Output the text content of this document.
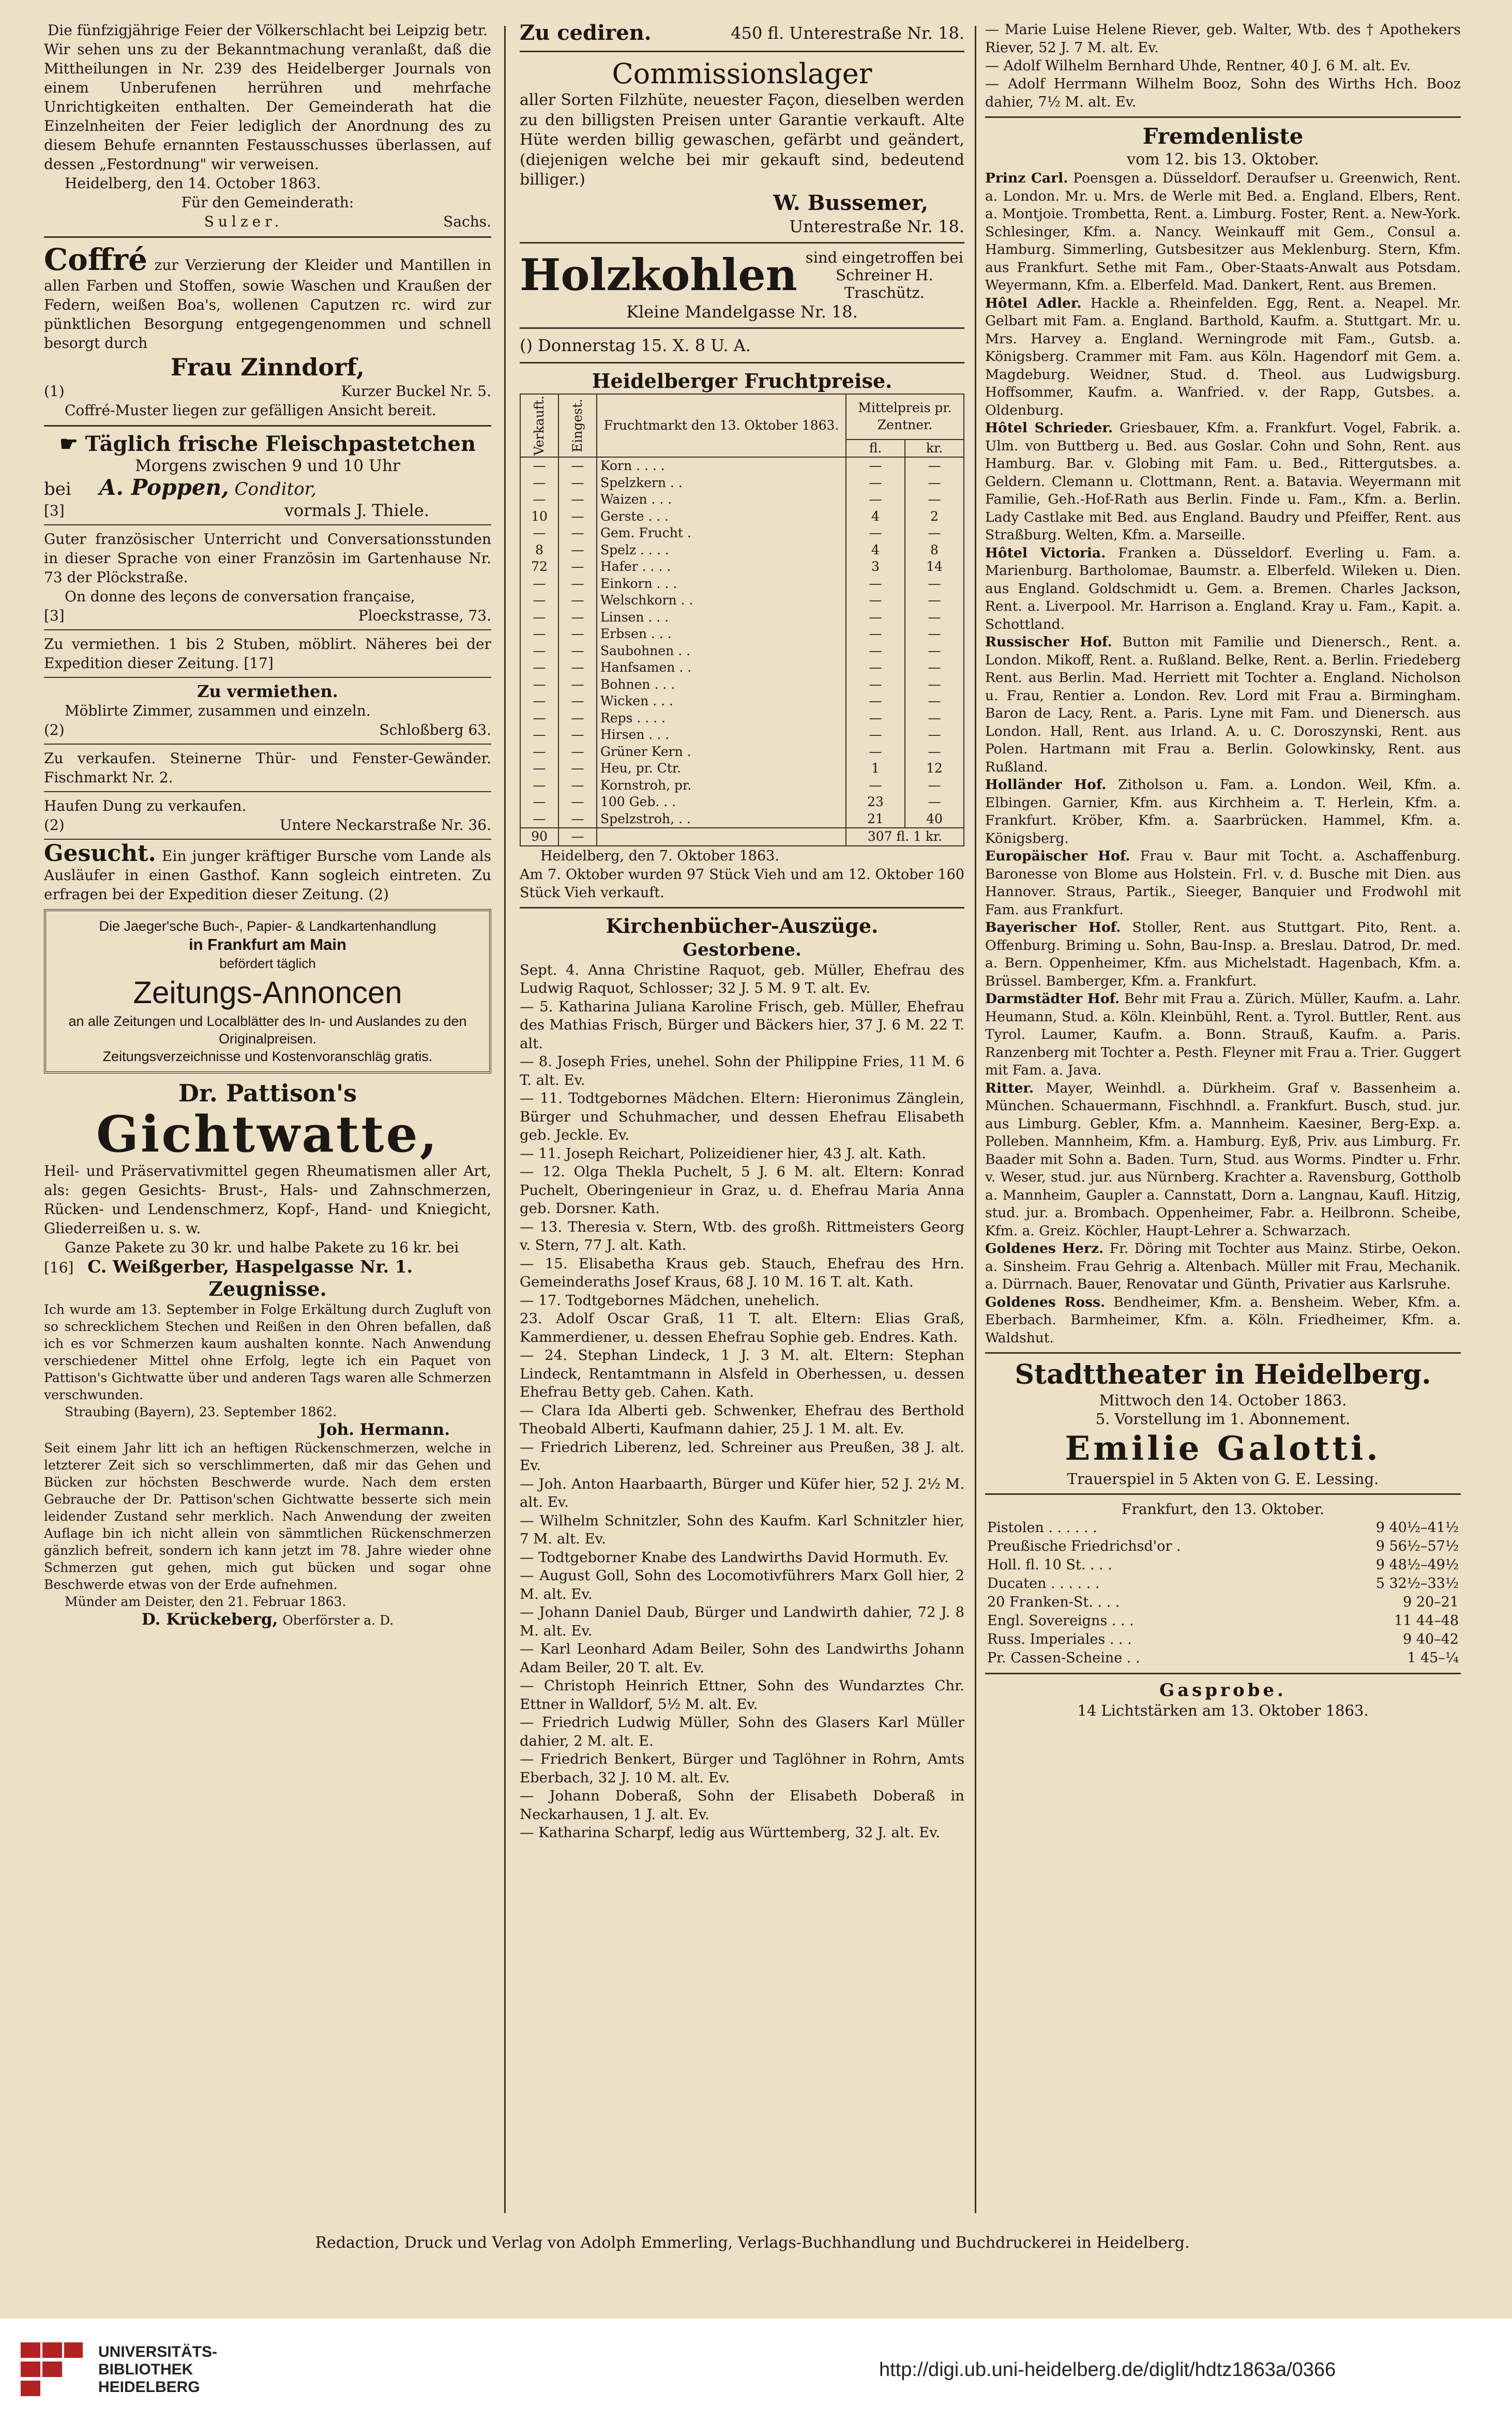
Die fünfzigjährige Feier der Völkerschlacht bei Leipzig betr.

Wir sehen uns zu der Bekanntmachung veranlaßt, daß die Mittheilungen in Nr. 239 des Heidelberger Journals von einem Unberufenen herrühren und mehrfache Unrichtigkeiten enthalten. Der Gemeinderath hat die Einzelnheiten der Feier lediglich der Anordnung des zu diesem Behufe ernannten Festausschusses überlassen, auf dessen „Festordnung" wir verweisen.

Heidelberg, den 14. October 1863.

Für den Gemeinderath:

Sulzer.	Sachs.

Coffré zur Verzierung der Kleider und Mantillen in allen Farben und Stoffen, sowie Waschen und Kraußen der Federn, weißen Boa's, wollenen Caputzen rc. wird zur pünktlichen Besorgung entgegengenommen und schnell besorgt durch

Frau Zinndorf,

(1)	Kurzer Buckel Nr. 5.

Coffré-Muster liegen zur gefälligen Ansicht bereit.

☛ Täglich frische Fleischpastetchen

Morgens zwischen 9 und 10 Uhr

bei A. Poppen, Conditor,

[3]	vormals J. Thiele.

Guter französischer Unterricht und Conversationsstunden in dieser Sprache von einer Französin im Gartenhause Nr. 73 der Plöckstraße.

On donne des leçons de conversation française,

[3]	Ploeckstrasse, 73.

Zu vermiethen. 1 bis 2 Stuben, möblirt. Näheres bei der Expedition dieser Zeitung. [17]

Zu vermiethen.

Möblirte Zimmer, zusammen und einzeln.

(2)	Schloßberg 63.

Zu verkaufen. Steinerne Thür- und Fenster-Gewänder. Fischmarkt Nr. 2.

Haufen Dung zu verkaufen.

(2)	Untere Neckarstraße Nr. 36.

Gesucht. Ein junger kräftiger Bursche vom Lande als Ausläufer in einen Gasthof. Kann sogleich eintreten. Zu erfragen bei der Expedition dieser Zeitung. (2)

Die Jaeger'sche Buch-, Papier- & Landkartenhandlung

in Frankfurt am Main

befördert täglich

Zeitungs-Annoncen

an alle Zeitungen und Localblätter des In- und Auslandes zu den Originalpreisen.

Zeitungsverzeichnisse und Kostenvoranschläg gratis.

Dr. Pattison's

Gichtwatte,

Heil- und Präservativmittel gegen Rheumatismen aller Art, als: gegen Gesichts- Brust-, Hals- und Zahnschmerzen, Rücken- und Lendenschmerz, Kopf-, Hand- und Kniegicht, Gliederreißen u. s. w.

Ganze Pakete zu 30 kr. und halbe Pakete zu 16 kr. bei

[16] C. Weißgerber, Haspelgasse Nr. 1.

Zeugnisse.

Ich wurde am 13. September in Folge Erkältung durch Zugluft von so schrecklichem Stechen und Reißen in den Ohren befallen, daß ich es vor Schmerzen kaum aushalten konnte. Nach Anwendung verschiedener Mittel ohne Erfolg, legte ich ein Paquet von Pattison's Gichtwatte über und anderen Tags waren alle Schmerzen verschwunden.

Straubing (Bayern), 23. September 1862.

Joh. Hermann.

Seit einem Jahr litt ich an heftigen Rückenschmerzen, welche in letzterer Zeit sich so verschlimmerten, daß mir das Gehen und Bücken zur höchsten Beschwerde wurde. Nach dem ersten Gebrauche der Dr. Pattison'schen Gichtwatte besserte sich mein leidender Zustand sehr merklich. Nach Anwendung der zweiten Auflage bin ich nicht allein von sämmtlichen Rückenschmerzen gänzlich befreit, sondern ich kann jetzt im 78. Jahre wieder ohne Schmerzen gut gehen, mich gut bücken und sogar ohne Beschwerde etwas von der Erde aufnehmen.

Münder am Deister, den 21. Februar 1863.

D. Krückeberg, Oberförster a. D.

Zu cediren.	450 fl. Unterestraße Nr. 18.

Commissionslager

aller Sorten Filzhüte, neuester Façon, dieselben werden zu den billigsten Preisen unter Garantie verkauft. Alte Hüte werden billig gewaschen, gefärbt und geändert, (diejenigen welche bei mir gekauft sind, bedeutend billiger.)

W. Bussemer,

Unterestraße Nr. 18.

Holzkohlen sind eingetroffen bei

Schreiner H. Traschütz.

Kleine Mandelgasse Nr. 18.

() Donnerstag 15. X. 8 U. A.

Heidelberger Fruchtpreise.

Verkauft.	Eingest.	Fruchtmarkt den 13. Oktober 1863.	Mittelpreis pr. Zentner.	
			fl.	kr.
—	—	Korn . . . .	—	—
—	—	Spelzkern . .	—	—
—	—	Waizen . . .	—	—
10	—	Gerste . . .	4	2
—	—	Gem. Frucht .	—	—
8	—	Spelz . . . .	4	8
72	—	Hafer . . . .	3	14
—	—	Einkorn . . .	—	—
—	—	Welschkorn . .	—	—
—	—	Linsen . . .	—	—
—	—	Erbsen . . .	—	—
—	—	Saubohnen . .	—	—
—	—	Hanfsamen . .	—	—
—	—	Bohnen . . .	—	—
—	—	Wicken . . .	—	—
—	—	Reps . . . .	—	—
—	—	Hirsen . . .	—	—
—	—	Grüner Kern .	—	—
—	—	Heu, pr. Ctr.	1	12
—	—	Kornstroh, pr.	—	—
—	—	100 Geb. . .	23	—
—	—	Spelzstroh, . .	21	40
90	—		307 fl. 1 kr.	

Heidelberg, den 7. Oktober 1863.

Am 7. Oktober wurden 97 Stück Vieh und am 12. Oktober 160 Stück Vieh verkauft.

Kirchenbücher-Auszüge.

Gestorbene.

Sept. 4. Anna Christine Raquot, geb. Müller, Ehefrau des Ludwig Raquot, Schlosser; 32 J. 5 M. 9 T. alt. Ev.

— 5. Katharina Juliana Karoline Frisch, geb. Müller, Ehefrau des Mathias Frisch, Bürger und Bäckers hier, 37 J. 6 M. 22 T. alt.

— 8. Joseph Fries, unehel. Sohn der Philippine Fries, 11 M. 6 T. alt. Ev.

— 11. Todtgebornes Mädchen. Eltern: Hieronimus Zänglein, Bürger und Schuhmacher, und dessen Ehefrau Elisabeth geb. Jeckle. Ev.

— 11. Joseph Reichart, Polizeidiener hier, 43 J. alt. Kath.

— 12. Olga Thekla Puchelt, 5 J. 6 M. alt. Eltern: Konrad Puchelt, Oberingenieur in Graz, u. d. Ehefrau Maria Anna geb. Dorsner. Kath.

— 13. Theresia v. Stern, Wtb. des großh. Rittmeisters Georg v. Stern, 77 J. alt. Kath.

— 15. Elisabetha Kraus geb. Stauch, Ehefrau des Hrn. Gemeinderaths Josef Kraus, 68 J. 10 M. 16 T. alt. Kath.

— 17. Todtgebornes Mädchen, unehelich.

23. Adolf Oscar Graß, 11 T. alt. Eltern: Elias Graß, Kammerdiener, u. dessen Ehefrau Sophie geb. Endres. Kath.

— 24. Stephan Lindeck, 1 J. 3 M. alt. Eltern: Stephan Lindeck, Rentamtmann in Alsfeld in Oberhessen, u. dessen Ehefrau Betty geb. Cahen. Kath.

— Clara Ida Alberti geb. Schwenker, Ehefrau des Berthold Theobald Alberti, Kaufmann dahier, 25 J. 1 M. alt. Ev.

— Friedrich Liberenz, led. Schreiner aus Preußen, 38 J. alt. Ev.

— Joh. Anton Haarbaarth, Bürger und Küfer hier, 52 J. 2½ M. alt. Ev.

— Wilhelm Schnitzler, Sohn des Kaufm. Karl Schnitzler hier, 7 M. alt. Ev.

— Todtgeborner Knabe des Landwirths David Hormuth. Ev.

— August Goll, Sohn des Locomotivführers Marx Goll hier, 2 M. alt. Ev.

— Johann Daniel Daub, Bürger und Landwirth dahier, 72 J. 8 M. alt. Ev.

— Karl Leonhard Adam Beiler, Sohn des Landwirths Johann Adam Beiler, 20 T. alt. Ev.

— Christoph Heinrich Ettner, Sohn des Wundarztes Chr. Ettner in Walldorf, 5½ M. alt. Ev.

— Friedrich Ludwig Müller, Sohn des Glasers Karl Müller dahier, 2 M. alt. E.

— Friedrich Benkert, Bürger und Taglöhner in Rohrn, Amts Eberbach, 32 J. 10 M. alt. Ev.

— Johann Doberaß, Sohn der Elisabeth Doberaß in Neckarhausen, 1 J. alt. Ev.

— Katharina Scharpf, ledig aus Württemberg, 32 J. alt. Ev.

— Marie Luise Helene Riever, geb. Walter, Wtb. des † Apothekers Riever, 52 J. 7 M. alt. Ev.

— Adolf Wilhelm Bernhard Uhde, Rentner, 40 J. 6 M. alt. Ev.

— Adolf Herrmann Wilhelm Booz, Sohn des Wirths Hch. Booz dahier, 7½ M. alt. Ev.

Fremdenliste

vom 12. bis 13. Oktober.

Prinz Carl. Poensgen a. Düsseldorf. Deraufser u. Greenwich, Rent. a. London. Mr. u. Mrs. de Werle mit Bed. a. England. Elbers, Rent. a. Montjoie. Trombetta, Rent. a. Limburg. Foster, Rent. a. New-York. Schlesinger, Kfm. a. Nancy. Weinkauff mit Gem., Consul a. Hamburg. Simmerling, Gutsbesitzer aus Meklenburg. Stern, Kfm. aus Frankfurt. Sethe mit Fam., Ober-Staats-Anwalt aus Potsdam. Weyermann, Kfm. a. Elberfeld. Mad. Dankert, Rent. aus Bremen.

Hôtel Adler. Hackle a. Rheinfelden. Egg, Rent. a. Neapel. Mr. Gelbart mit Fam. a. England. Barthold, Kaufm. a. Stuttgart. Mr. u. Mrs. Harvey a. England. Werningrode mit Fam., Gutsb. a. Königsberg. Crammer mit Fam. aus Köln. Hagendorf mit Gem. a. Magdeburg. Weidner, Stud. d. Theol. aus Ludwigsburg. Hoffsommer, Kaufm. a. Wanfried. v. der Rapp, Gutsbes. a. Oldenburg.

Hôtel Schrieder. Griesbauer, Kfm. a. Frankfurt. Vogel, Fabrik. a. Ulm. von Buttberg u. Bed. aus Goslar. Cohn und Sohn, Rent. aus Hamburg. Bar. v. Globing mit Fam. u. Bed., Rittergutsbes. a. Geldern. Clemann u. Clottmann, Rent. a. Batavia. Weyermann mit Familie, Geh.-Hof-Rath aus Berlin. Finde u. Fam., Kfm. a. Berlin. Lady Castlake mit Bed. aus England. Baudry und Pfeiffer, Rent. aus Straßburg. Welten, Kfm. a. Marseille.

Hôtel Victoria. Franken a. Düsseldorf. Everling u. Fam. a. Marienburg. Bartholomae, Baumstr. a. Elberfeld. Wileken u. Dien. aus England. Goldschmidt u. Gem. a. Bremen. Charles Jackson, Rent. a. Liverpool. Mr. Harrison a. England. Kray u. Fam., Kapit. a. Schottland.

Russischer Hof. Button mit Familie und Dienersch., Rent. a. London. Mikoff, Rent. a. Rußland. Belke, Rent. a. Berlin. Friedeberg Rent. aus Berlin. Mad. Herriett mit Tochter a. England. Nicholson u. Frau, Rentier a. London. Rev. Lord mit Frau a. Birmingham. Baron de Lacy, Rent. a. Paris. Lyne mit Fam. und Dienersch. aus London. Hall, Rent. aus Irland. A. u. C. Doroszynski, Rent. aus Polen. Hartmann mit Frau a. Berlin. Golowkinsky, Rent. aus Rußland.

Holländer Hof. Zitholson u. Fam. a. London. Weil, Kfm. a. Elbingen. Garnier, Kfm. aus Kirchheim a. T. Herlein, Kfm. a. Frankfurt. Kröber, Kfm. a. Saarbrücken. Hammel, Kfm. a. Königsberg.

Europäischer Hof. Frau v. Baur mit Tocht. a. Aschaffenburg. Baronesse von Blome aus Holstein. Frl. v. d. Busche mit Dien. aus Hannover. Straus, Partik., Sieeger, Banquier und Frodwohl mit Fam. aus Frankfurt.

Bayerischer Hof. Stoller, Rent. aus Stuttgart. Pito, Rent. a. Offenburg. Briming u. Sohn, Bau-Insp. a. Breslau. Datrod, Dr. med. a. Bern. Oppenheimer, Kfm. aus Michelstadt. Hagenbach, Kfm. a. Brüssel. Bamberger, Kfm. a. Frankfurt.

Darmstädter Hof. Behr mit Frau a. Zürich. Müller, Kaufm. a. Lahr. Heumann, Stud. a. Köln. Kleinbühl, Rent. a. Tyrol. Buttler, Rent. aus Tyrol. Laumer, Kaufm. a. Bonn. Strauß, Kaufm. a. Paris. Ranzenberg mit Tochter a. Pesth. Fleyner mit Frau a. Trier. Guggert mit Fam. a. Java.

Ritter. Mayer, Weinhdl. a. Dürkheim. Graf v. Bassenheim a. München. Schauermann, Fischhndl. a. Frankfurt. Busch, stud. jur. aus Limburg. Gebler, Kfm. a. Mannheim. Kaesiner, Berg-Exp. a. Polleben. Mannheim, Kfm. a. Hamburg. Eyß, Priv. aus Limburg. Fr. Baader mit Sohn a. Baden. Turn, Stud. aus Worms. Pindter u. Frhr. v. Weser, stud. jur. aus Nürnberg. Krachter a. Ravensburg, Gottholb a. Mannheim, Gaupler a. Cannstatt, Dorn a. Langnau, Kaufl. Hitzig, stud. jur. a. Brombach. Oppenheimer, Fabr. a. Heilbronn. Scheibe, Kfm. a. Greiz. Köchler, Haupt-Lehrer a. Schwarzach.

Goldenes Herz. Fr. Döring mit Tochter aus Mainz. Stirbe, Oekon. a. Sinsheim. Frau Gehrig a. Altenbach. Müller mit Frau, Mechanik. a. Dürrnach. Bauer, Renovatar und Günth, Privatier aus Karlsruhe.

Goldenes Ross. Bendheimer, Kfm. a. Bensheim. Weber, Kfm. a. Eberbach. Barmheimer, Kfm. a. Köln. Friedheimer, Kfm. a. Waldshut.

Stadttheater in Heidelberg.

Mittwoch den 14. October 1863.

5. Vorstellung im 1. Abonnement.

Emilie Galotti.

Trauerspiel in 5 Akten von G. E. Lessing.

Frankfurt, den 13. Oktober.

Pistolen . . . . . .	9 40½–41½
Preußische Friedrichsd'or .	9 56½–57½
Holl. fl. 10 St. . . .	9 48½–49½
Ducaten . . . . . .	5 32½–33½
20 Franken-St. . . .	9 20–21
Engl. Sovereigns . . .	11 44–48
Russ. Imperiales . . .	9 40–42
Pr. Cassen-Scheine . .	1 45–¼

Gasprobe.

14 Lichtstärken am 13. Oktober 1863.

Redaction, Druck und Verlag von Adolph Emmerling, Verlags-Buchhandlung und Buchdruckerei in Heidelberg.

UNIVERSITÄTS-
BIBLIOTHEK
HEIDELBERG
http://digi.ub.uni-heidelberg.de/diglit/hdtz1863a/0366
